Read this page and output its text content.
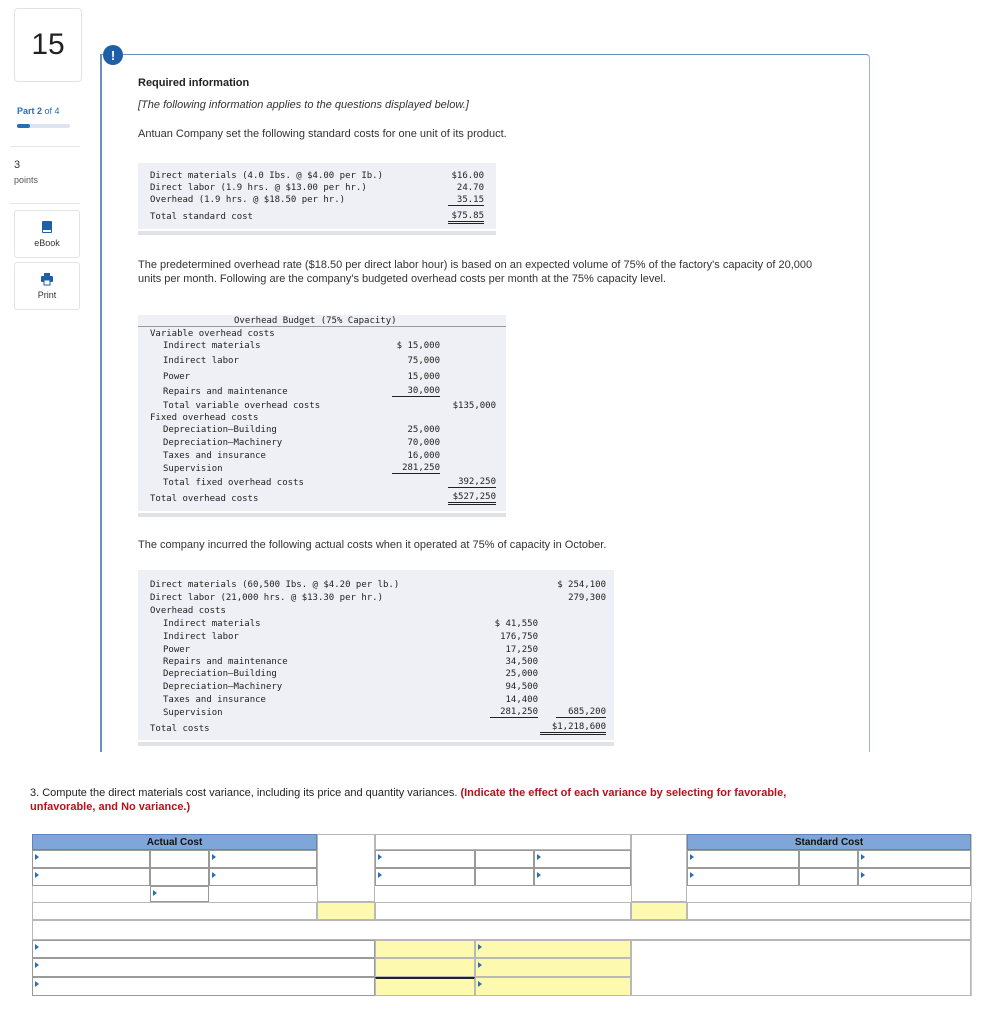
15
Part 2 of 4
3
points
eBook
Print
!
Required information
[The following information applies to the questions displayed below.]
Antuan Company set the following standard costs for one unit of its product.
Direct materials (4.0 Ibs. @ $4.00 per Ib.)	$16.00
Direct labor (1.9 hrs. @ $13.00 per hr.)	24.70
Overhead (1.9 hrs. @ $18.50 per hr.)	35.15
Total standard cost	$75.85
The predetermined overhead rate ($18.50 per direct labor hour) is based on an expected volume of 75% of the factory's capacity of 20,000 units per month. Following are the company's budgeted overhead costs per month at the 75% capacity level.
Overhead Budget (75% Capacity)
Variable overhead costs
Indirect materials	$ 15,000
Indirect labor	75,000
Power	15,000
Repairs and maintenance	30,000
Total variable overhead costs	$135,000
Fixed overhead costs
Depreciation—Building	25,000
Depreciation—Machinery	70,000
Taxes and insurance	16,000
Supervision	281,250
Total fixed overhead costs	392,250
Total overhead costs	$527,250
The company incurred the following actual costs when it operated at 75% of capacity in October.
Direct materials (60,500 Ibs. @ $4.20 per lb.)	$ 254,100
Direct labor (21,000 hrs. @ $13.30 per hr.)	279,300
Overhead costs
Indirect materials	$ 41,550
Indirect labor	176,750
Power	17,250
Repairs and maintenance	34,500
Depreciation—Building	25,000
Depreciation—Machinery	94,500
Taxes and insurance	14,400
Supervision	281,250	685,200
Total costs	$1,218,600
3. Compute the direct materials cost variance, including its price and quantity variances. (Indicate the effect of each variance by selecting for favorable, unfavorable, and No variance.)
Actual Cost	Standard Cost
